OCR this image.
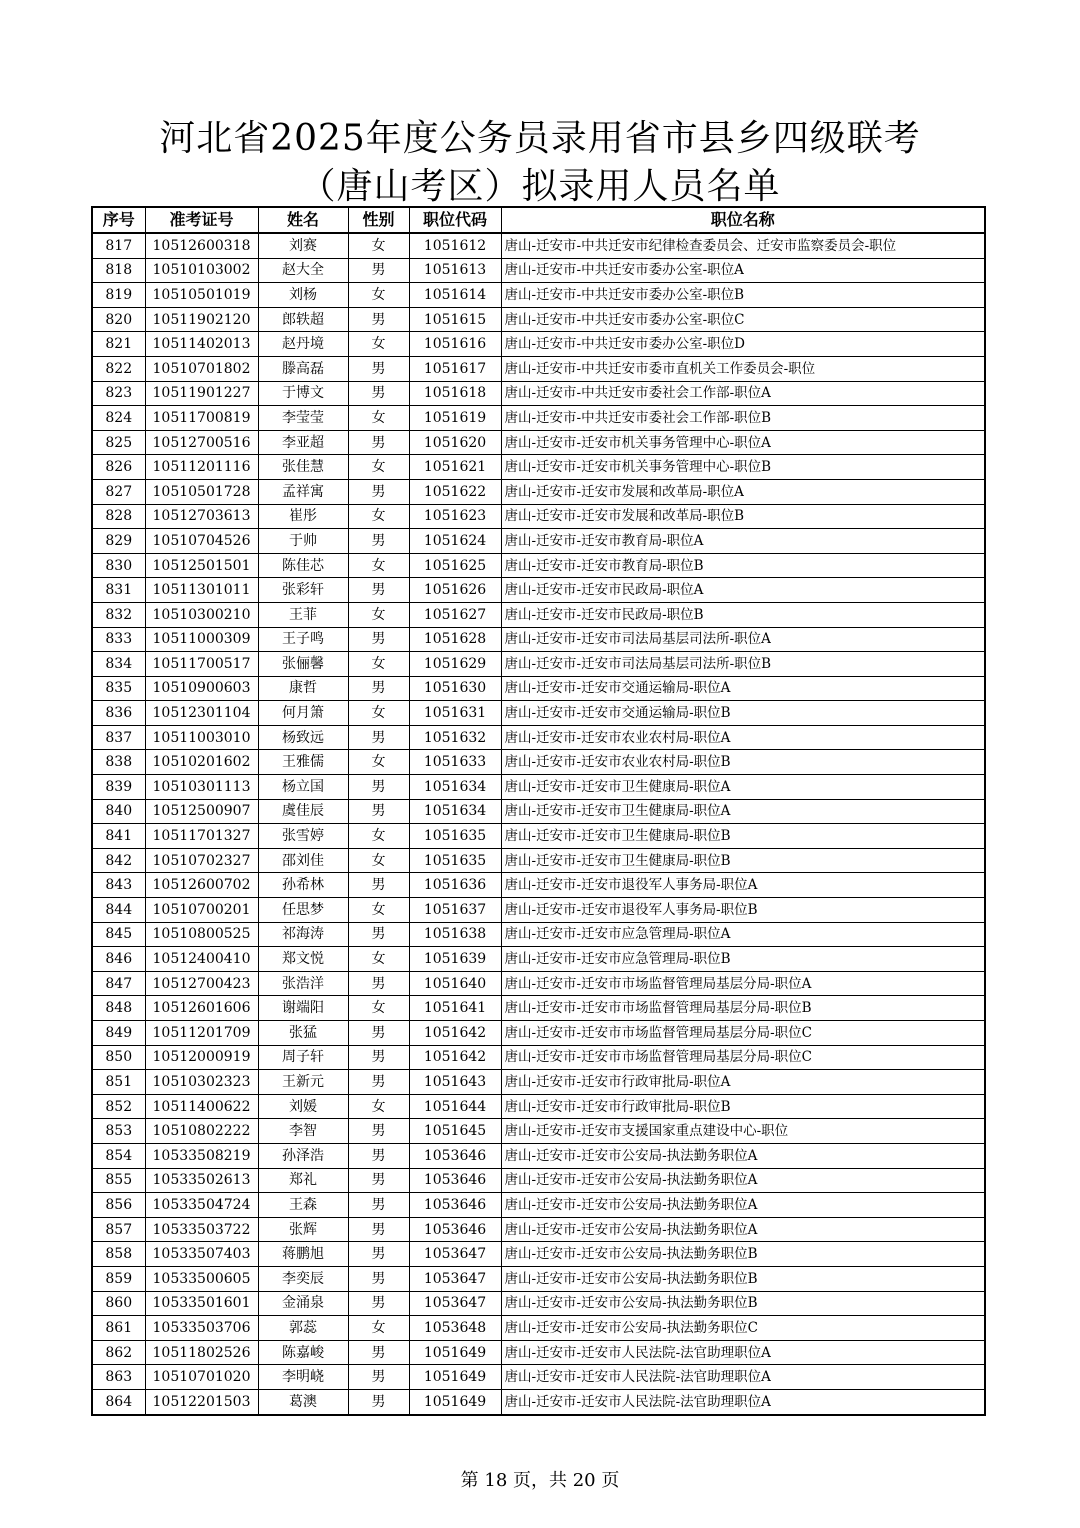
河北省2025年度公务员录用省市县乡四级联考
（唐山考区）拟录用人员名单
序号	准考证号	姓名	性别	职位代码	职位名称
817	10512600318	刘赛	女	1051612	唐山-迁安市-中共迁安市纪律检查委员会、迁安市监察委员会-职位
818	10510103002	赵大全	男	1051613	唐山-迁安市-中共迁安市委办公室-职位A
819	10510501019	刘杨	女	1051614	唐山-迁安市-中共迁安市委办公室-职位B
820	10511902120	郎轶超	男	1051615	唐山-迁安市-中共迁安市委办公室-职位C
821	10511402013	赵丹境	女	1051616	唐山-迁安市-中共迁安市委办公室-职位D
822	10510701802	滕高磊	男	1051617	唐山-迁安市-中共迁安市委市直机关工作委员会-职位
823	10511901227	于博文	男	1051618	唐山-迁安市-中共迁安市委社会工作部-职位A
824	10511700819	李莹莹	女	1051619	唐山-迁安市-中共迁安市委社会工作部-职位B
825	10512700516	李亚超	男	1051620	唐山-迁安市-迁安市机关事务管理中心-职位A
826	10511201116	张佳慧	女	1051621	唐山-迁安市-迁安市机关事务管理中心-职位B
827	10510501728	孟祥寓	男	1051622	唐山-迁安市-迁安市发展和改革局-职位A
828	10512703613	崔彤	女	1051623	唐山-迁安市-迁安市发展和改革局-职位B
829	10510704526	于帅	男	1051624	唐山-迁安市-迁安市教育局-职位A
830	10512501501	陈佳芯	女	1051625	唐山-迁安市-迁安市教育局-职位B
831	10511301011	张彩轩	男	1051626	唐山-迁安市-迁安市民政局-职位A
832	10510300210	王菲	女	1051627	唐山-迁安市-迁安市民政局-职位B
833	10511000309	王子鸣	男	1051628	唐山-迁安市-迁安市司法局基层司法所-职位A
834	10511700517	张俪馨	女	1051629	唐山-迁安市-迁安市司法局基层司法所-职位B
835	10510900603	康哲	男	1051630	唐山-迁安市-迁安市交通运输局-职位A
836	10512301104	何月箫	女	1051631	唐山-迁安市-迁安市交通运输局-职位B
837	10511003010	杨致远	男	1051632	唐山-迁安市-迁安市农业农村局-职位A
838	10510201602	王雅儒	女	1051633	唐山-迁安市-迁安市农业农村局-职位B
839	10510301113	杨立国	男	1051634	唐山-迁安市-迁安市卫生健康局-职位A
840	10512500907	虞佳辰	男	1051634	唐山-迁安市-迁安市卫生健康局-职位A
841	10511701327	张雪婷	女	1051635	唐山-迁安市-迁安市卫生健康局-职位B
842	10510702327	邵刘佳	女	1051635	唐山-迁安市-迁安市卫生健康局-职位B
843	10512600702	孙希林	男	1051636	唐山-迁安市-迁安市退役军人事务局-职位A
844	10510700201	任思梦	女	1051637	唐山-迁安市-迁安市退役军人事务局-职位B
845	10510800525	祁海涛	男	1051638	唐山-迁安市-迁安市应急管理局-职位A
846	10512400410	郑文悦	女	1051639	唐山-迁安市-迁安市应急管理局-职位B
847	10512700423	张浩洋	男	1051640	唐山-迁安市-迁安市市场监督管理局基层分局-职位A
848	10512601606	谢端阳	女	1051641	唐山-迁安市-迁安市市场监督管理局基层分局-职位B
849	10511201709	张猛	男	1051642	唐山-迁安市-迁安市市场监督管理局基层分局-职位C
850	10512000919	周子轩	男	1051642	唐山-迁安市-迁安市市场监督管理局基层分局-职位C
851	10510302323	王新元	男	1051643	唐山-迁安市-迁安市行政审批局-职位A
852	10511400622	刘媛	女	1051644	唐山-迁安市-迁安市行政审批局-职位B
853	10510802222	李智	男	1051645	唐山-迁安市-迁安市支援国家重点建设中心-职位
854	10533508219	孙泽浩	男	1053646	唐山-迁安市-迁安市公安局-执法勤务职位A
855	10533502613	郑礼	男	1053646	唐山-迁安市-迁安市公安局-执法勤务职位A
856	10533504724	王森	男	1053646	唐山-迁安市-迁安市公安局-执法勤务职位A
857	10533503722	张辉	男	1053646	唐山-迁安市-迁安市公安局-执法勤务职位A
858	10533507403	蒋鹏旭	男	1053647	唐山-迁安市-迁安市公安局-执法勤务职位B
859	10533500605	李奕辰	男	1053647	唐山-迁安市-迁安市公安局-执法勤务职位B
860	10533501601	金涌泉	男	1053647	唐山-迁安市-迁安市公安局-执法勤务职位B
861	10533503706	郭蕊	女	1053648	唐山-迁安市-迁安市公安局-执法勤务职位C
862	10511802526	陈嘉峻	男	1051649	唐山-迁安市-迁安市人民法院-法官助理职位A
863	10510701020	李明峣	男	1051649	唐山-迁安市-迁安市人民法院-法官助理职位A
864	10512201503	葛澳	男	1051649	唐山-迁安市-迁安市人民法院-法官助理职位A
第 18 页，共 20 页
